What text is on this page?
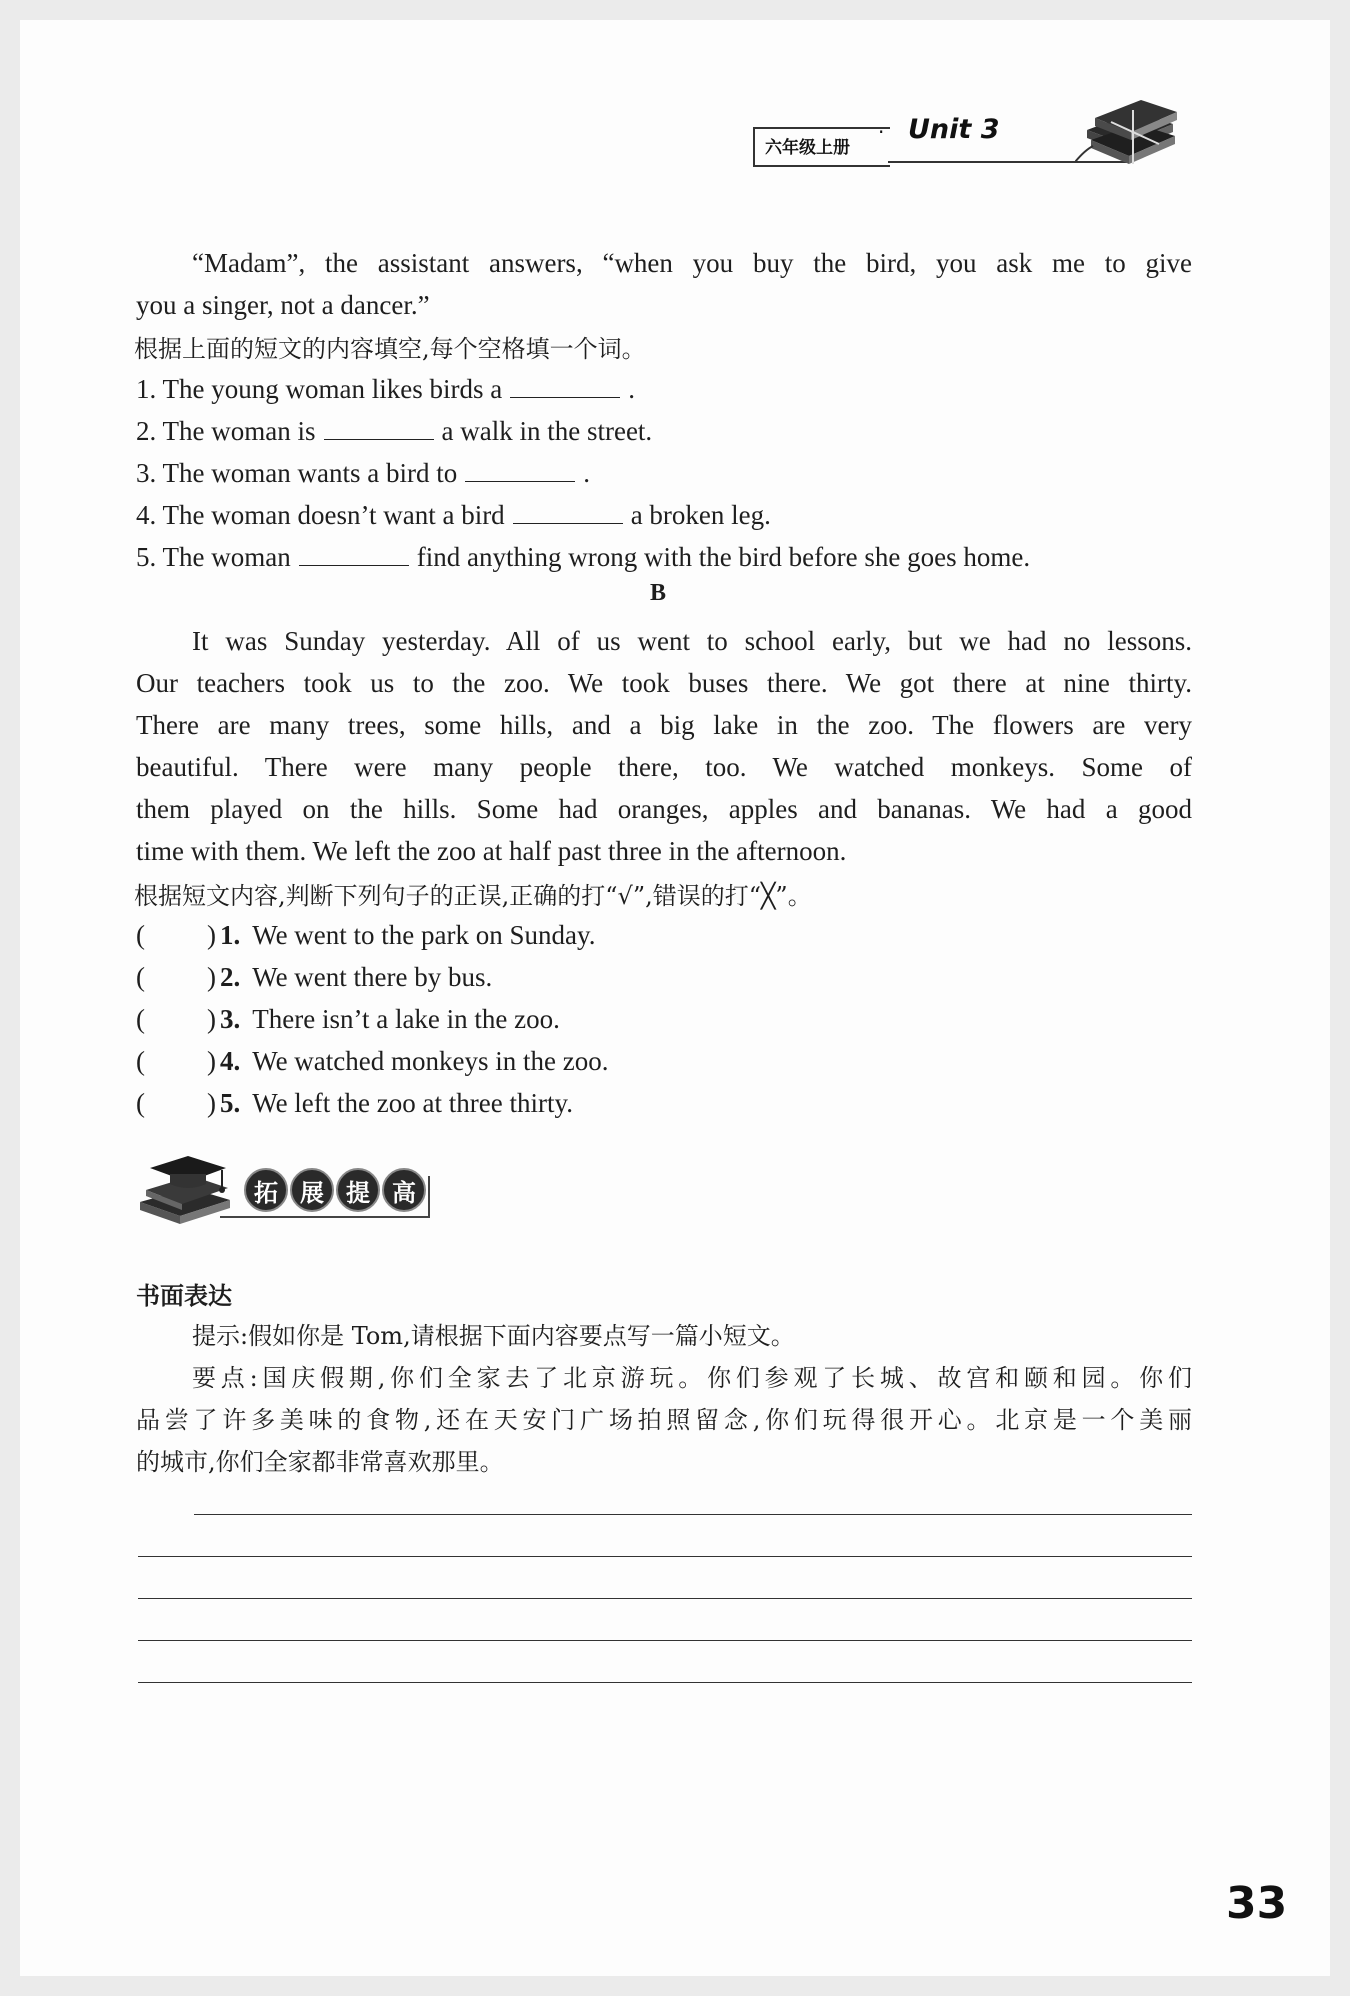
六年级上册
· Unit 3
“Madam”, the assistant answers, “when you buy the bird, you ask me to give
you a singer, not a dancer.”
根据上面的短文的内容填空,每个空格填一个词。
1. The young woman likes birds a	.
2. The woman is	a walk in the street.
3. The woman wants a bird to	.
4. The woman doesn’t want a bird	a broken leg.
5. The woman	find anything wrong with the bird before she goes home.
B
It was Sunday yesterday. All of us went to school early, but we had no lessons.
Our teachers took us to the zoo. We took buses there. We got there at nine thirty.
There are many trees, some hills, and a big lake in the zoo. The flowers are very
beautiful. There were many people there, too. We watched monkeys. Some of
them played on the hills. Some had oranges, apples and bananas. We had a good
time with them. We left the zoo at half past three in the afternoon.
根据短文内容,判断下列句子的正误,正确的打“√”,错误的打“╳”。
( ) 1. We went to the park on Sunday.
( ) 2. We went there by bus.
( ) 3. There isn’t a lake in the zoo.
( ) 4. We watched monkeys in the zoo.
( ) 5. We left the zoo at three thirty.
拓 展 提 高
书面表达
提示:假如你是 Tom,请根据下面内容要点写一篇小短文。
要点:国庆假期,你们全家去了北京游玩。你们参观了长城、故宫和颐和园。你们
品尝了许多美味的食物,还在天安门广场拍照留念,你们玩得很开心。北京是一个美丽
的城市,你们全家都非常喜欢那里。
33
